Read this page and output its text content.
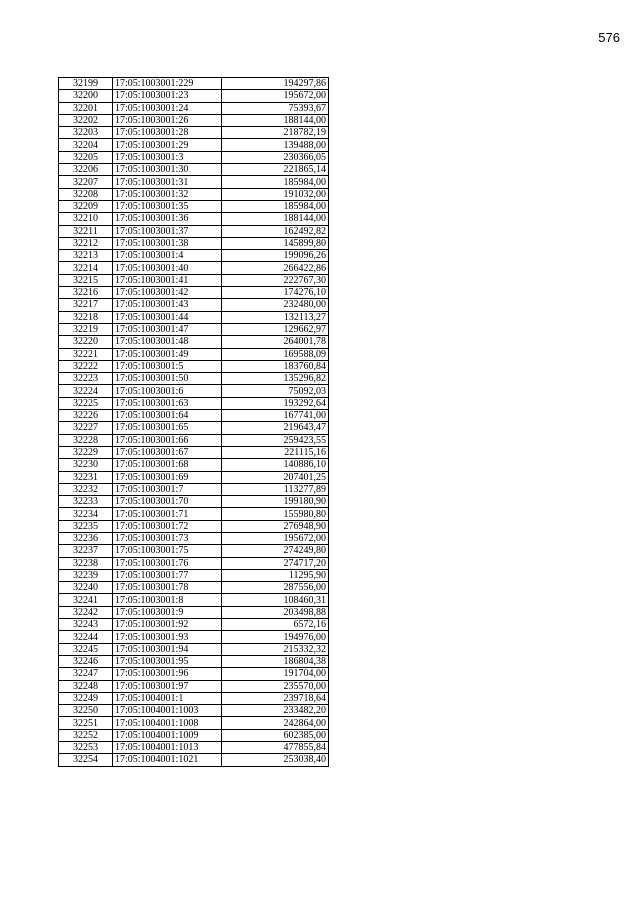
576
32199	17:05:1003001:229	194297,86
32200	17:05:1003001:23	195672,00
32201	17:05:1003001:24	75393,67
32202	17:05:1003001:26	188144,00
32203	17:05:1003001:28	218782,19
32204	17:05:1003001:29	139488,00
32205	17:05:1003001:3	230366,05
32206	17:05:1003001:30	221865,14
32207	17:05:1003001:31	185984,00
32208	17:05:1003001:32	191032,00
32209	17:05:1003001:35	185984,00
32210	17:05:1003001:36	188144,00
32211	17:05:1003001:37	162492,82
32212	17:05:1003001:38	145899,80
32213	17:05:1003001:4	199096,26
32214	17:05:1003001:40	266422,86
32215	17:05:1003001:41	222767,30
32216	17:05:1003001:42	174276,10
32217	17:05:1003001:43	232480,00
32218	17:05:1003001:44	132113,27
32219	17:05:1003001:47	129662,97
32220	17:05:1003001:48	264001,78
32221	17:05:1003001:49	169588,09
32222	17:05:1003001:5	183760,84
32223	17:05:1003001:50	135296,82
32224	17:05:1003001:6	75092,03
32225	17:05:1003001:63	193292,64
32226	17:05:1003001:64	167741,00
32227	17:05:1003001:65	219643,47
32228	17:05:1003001:66	259423,55
32229	17:05:1003001:67	221115,16
32230	17:05:1003001:68	140886,10
32231	17:05:1003001:69	207401,25
32232	17:05:1003001:7	113277,89
32233	17:05:1003001:70	199180,90
32234	17:05:1003001:71	155980,80
32235	17:05:1003001:72	276948,90
32236	17:05:1003001:73	195672,00
32237	17:05:1003001:75	274249,80
32238	17:05:1003001:76	274717,20
32239	17:05:1003001:77	11295,90
32240	17:05:1003001:78	287556,00
32241	17:05:1003001:8	108460,31
32242	17:05:1003001:9	203498,88
32243	17:05:1003001:92	6572,16
32244	17:05:1003001:93	194976,00
32245	17:05:1003001:94	215332,32
32246	17:05:1003001:95	186804,38
32247	17:05:1003001:96	191704,00
32248	17:05:1003001:97	235570,00
32249	17:05:1004001:1	239718,64
32250	17:05:1004001:1003	233482,20
32251	17:05:1004001:1008	242864,00
32252	17:05:1004001:1009	602385,00
32253	17:05:1004001:1013	477855,84
32254	17:05:1004001:1021	253038,40
